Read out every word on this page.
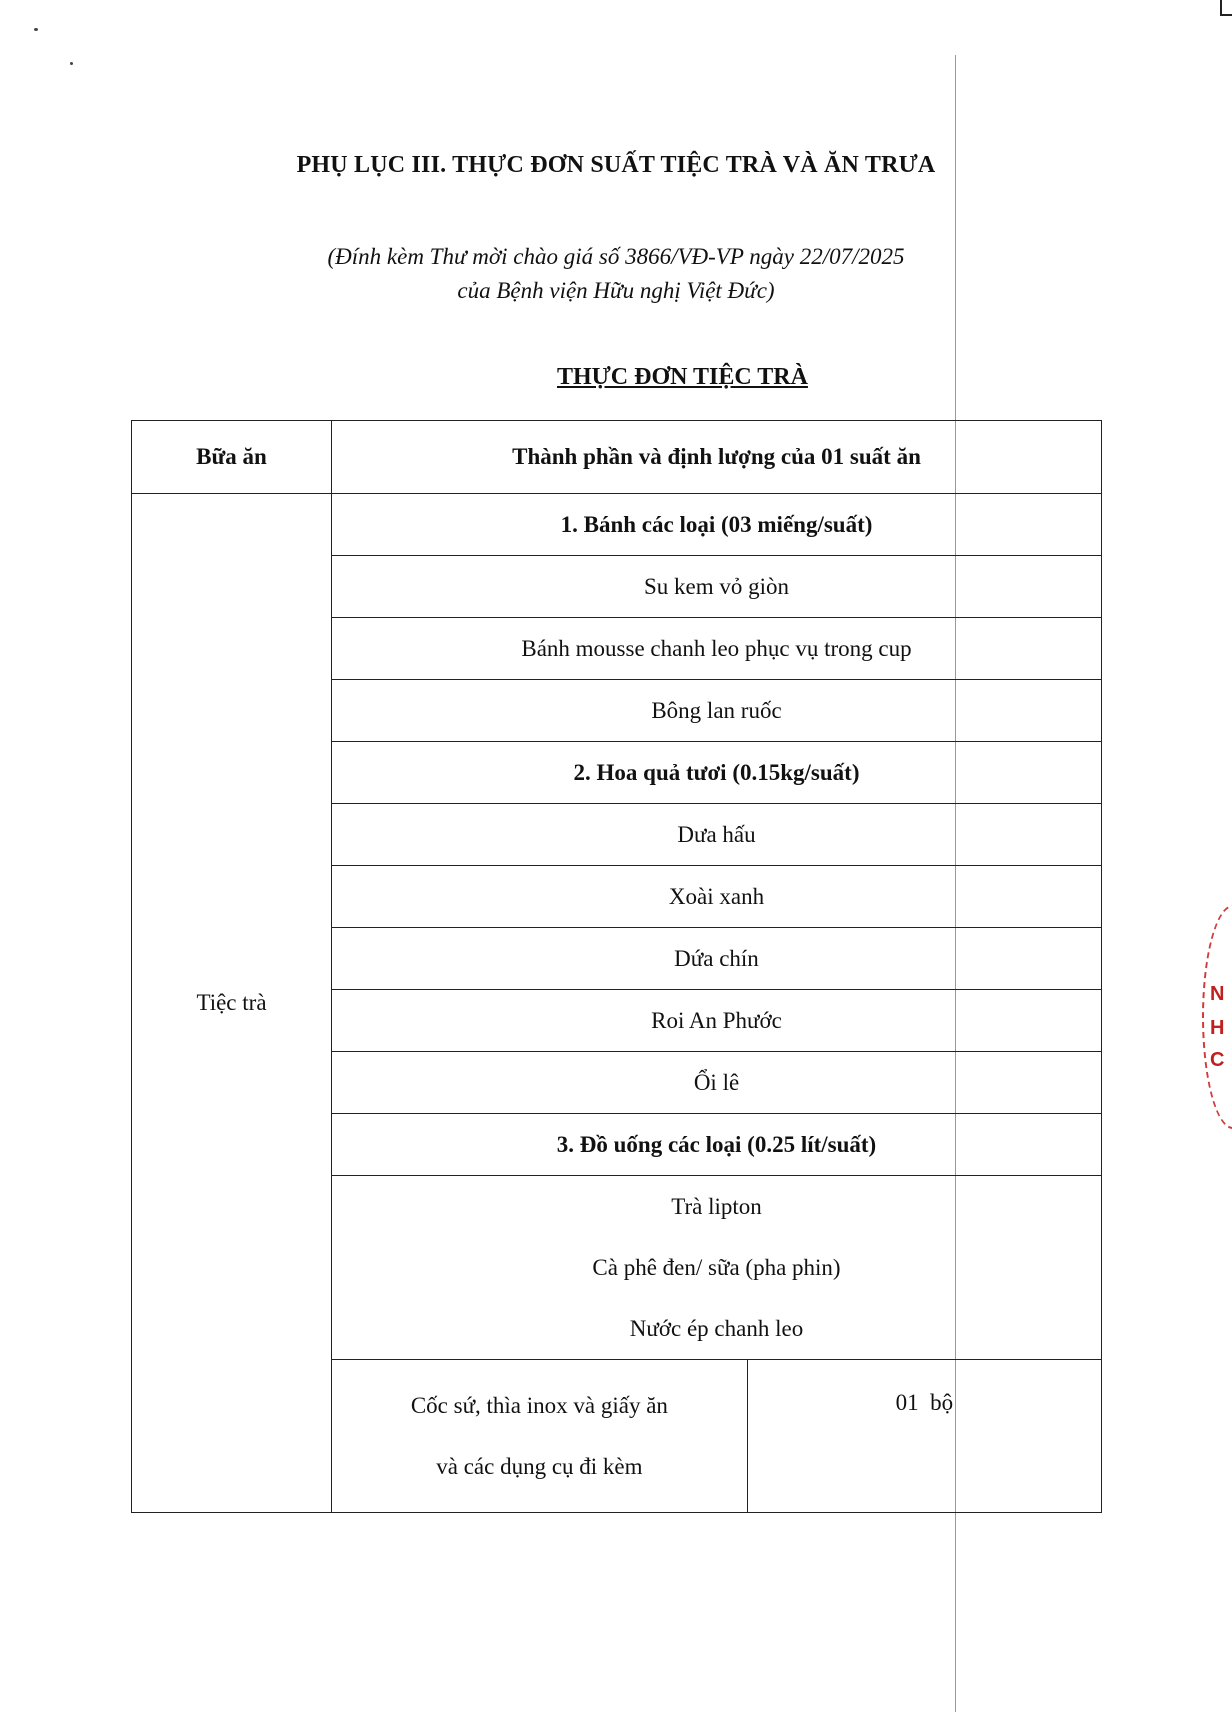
PHỤ LỤC III. THỰC ĐƠN SUẤT TIỆC TRÀ VÀ ĂN TRƯA
(Đính kèm Thư mời chào giá số 3866/VĐ-VP ngày 22/07/2025
của Bệnh viện Hữu nghị Việt Đức)
THỰC ĐƠN TIỆC TRÀ
Bữa ăn	Thành phần và định lượng của 01 suất ăn
Tiệc trà	1. Bánh các loại (03 miếng/suất)
Su kem vỏ giòn
Bánh mousse chanh leo phục vụ trong cup
Bông lan ruốc
2. Hoa quả tươi (0.15kg/suất)
Dưa hấu
Xoài xanh
Dứa chín
Roi An Phước
Ổi lê
3. Đồ uống các loại (0.25 lít/suất)

Trà lipton
Cà phê đen/ sữa (pha phin)
Nước ép chanh leo

Cốc sứ, thìa inox và giấy ăn
và các dụng cụ đi kèm
	01  bộ
N
H
C
